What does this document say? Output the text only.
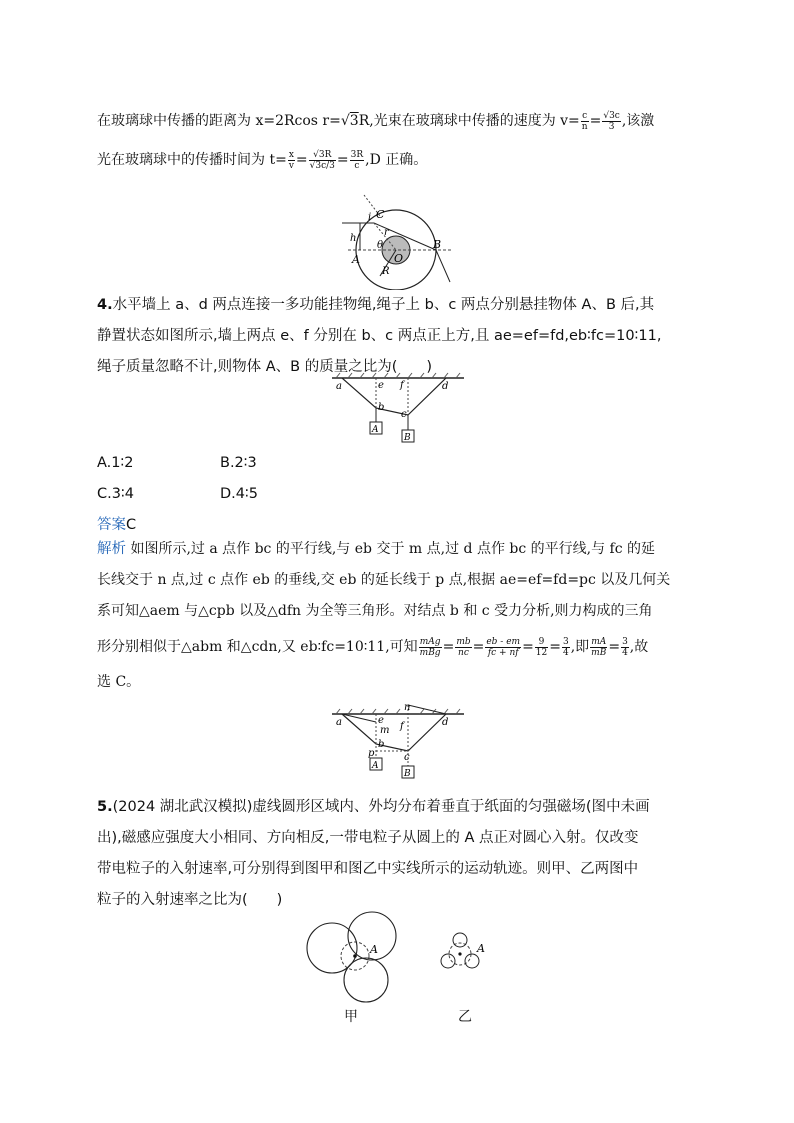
在玻璃球中传播的距离为 x=2Rcos r=√3R,光束在玻璃球中传播的速度为 $v= \frac{c}{n} = \frac{√3c}{3}$ ,该激
光在玻璃球中的传播时间为 $t= \frac{x}{v} = \frac{√3R}{√3c/3} = \frac{3R}{c} ,D$ 正确。
i C
r
h
θ
A	O
B
R
4.水平墙上 a、d 两点连接一多功能挂物绳,绳子上 b、c 两点分别悬挂物体 A、B 后,其
静置状态如图所示,墙上两点 e、f 分别在 b、c 两点正上方,且 ae=ef=fd,eb∶fc=10∶11,
绳子质量忽略不计,则物体 A、B 的质量之比为(　　)
a	e f	d
b
c
A
B
A.1∶2	B.2∶3
C.3∶4	D.4∶5
答案C
解析 如图所示,过 a 点作 bc 的平行线,与 eb 交于 m 点,过 d 点作 bc 的平行线,与 fc 的延
长线交于 n 点,过 c 点作 eb 的垂线,交 eb 的延长线于 p 点,根据 ae=ef=fd=pc 以及几何关
系可知△aem 与△cpb 以及△dfn 为全等三角形。对结点 b 和 c 受力分析,则力构成的三角
形分别相似于△abm 和△cdn,又 eb∶fc=10∶11,可知 $\frac{\text{mAg}}{\text{mBg}} = \frac{mb}{nc} = \frac{eb - em}{fc + nf} = \frac{9}{12} = \frac{3}{4}$ ,即 $\frac{mA}{mB} = \frac{3}{4}$ ,故
选 C。
n
a	e
m f	d
b
p	c
A
B
5.(2024 湖北武汉模拟)虚线圆形区域内、外均分布着垂直于纸面的匀强磁场(图中未画
出),磁感应强度大小相同、方向相反,一带电粒子从圆上的 A 点正对圆心入射。仅改变
带电粒子的入射速率,可分别得到图甲和图乙中实线所示的运动轨迹。则甲、乙两图中
粒子的入射速率之比为(　　)
A	A
甲	乙
